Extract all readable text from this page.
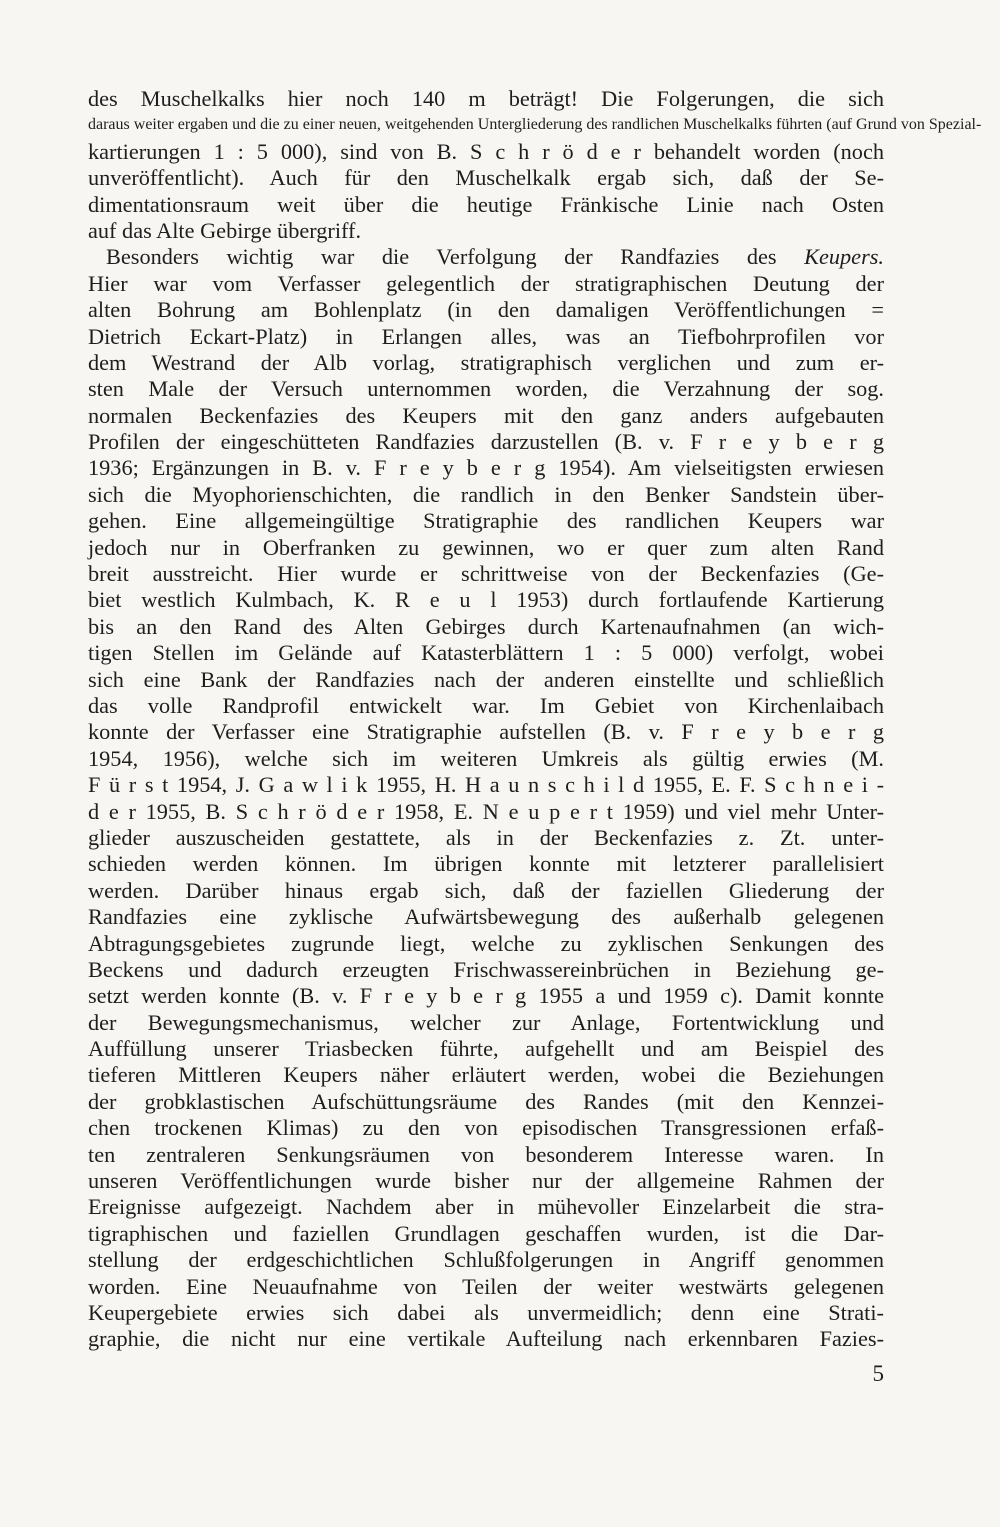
des Muschelkalks hier noch 140 m beträgt! Die Folgerungen, die sich
daraus weiter ergaben und die zu einer neuen, weitgehenden Untergliederung des randlichen Muschelkalks führten (auf Grund von Spezial-
kartierungen 1 : 5 000), sind von B. S c h r ö d e r behandelt worden (noch
unveröffentlicht). Auch für den Muschelkalk ergab sich, daß der Se-
dimentationsraum weit über die heutige Fränkische Linie nach Osten
auf das Alte Gebirge übergriff.
Besonders wichtig war die Verfolgung der Randfazies des Keupers.
Hier war vom Verfasser gelegentlich der stratigraphischen Deutung der
alten Bohrung am Bohlenplatz (in den damaligen Veröffentlichungen =
Dietrich Eckart-Platz) in Erlangen alles, was an Tiefbohrprofilen vor
dem Westrand der Alb vorlag, stratigraphisch verglichen und zum er-
sten Male der Versuch unternommen worden, die Verzahnung der sog.
normalen Beckenfazies des Keupers mit den ganz anders aufgebauten
Profilen der eingeschütteten Randfazies darzustellen (B. v. F r e y b e r g
1936; Ergänzungen in B. v. F r e y b e r g 1954). Am vielseitigsten erwiesen
sich die Myophorienschichten, die randlich in den Benker Sandstein über-
gehen. Eine allgemeingültige Stratigraphie des randlichen Keupers war
jedoch nur in Oberfranken zu gewinnen, wo er quer zum alten Rand
breit ausstreicht. Hier wurde er schrittweise von der Beckenfazies (Ge-
biet westlich Kulmbach, K. R e u l 1953) durch fortlaufende Kartierung
bis an den Rand des Alten Gebirges durch Kartenaufnahmen (an wich-
tigen Stellen im Gelände auf Katasterblättern 1 : 5 000) verfolgt, wobei
sich eine Bank der Randfazies nach der anderen einstellte und schließlich
das volle Randprofil entwickelt war. Im Gebiet von Kirchenlaibach
konnte der Verfasser eine Stratigraphie aufstellen (B. v. F r e y b e r g
1954, 1956), welche sich im weiteren Umkreis als gültig erwies (M.
F ü r s t 1954, J. G a w l i k 1955, H. H a u n s c h i l d 1955, E. F. S c h n e i -
d e r 1955, B. S c h r ö d e r 1958, E. N e u p e r t 1959) und viel mehr Unter-
glieder auszuscheiden gestattete, als in der Beckenfazies z. Zt. unter-
schieden werden können. Im übrigen konnte mit letzterer parallelisiert
werden. Darüber hinaus ergab sich, daß der faziellen Gliederung der
Randfazies eine zyklische Aufwärtsbewegung des außerhalb gelegenen
Abtragungsgebietes zugrunde liegt, welche zu zyklischen Senkungen des
Beckens und dadurch erzeugten Frischwassereinbrüchen in Beziehung ge-
setzt werden konnte (B. v. F r e y b e r g 1955 a und 1959 c). Damit konnte
der Bewegungsmechanismus, welcher zur Anlage, Fortentwicklung und
Auffüllung unserer Triasbecken führte, aufgehellt und am Beispiel des
tieferen Mittleren Keupers näher erläutert werden, wobei die Beziehungen
der grobklastischen Aufschüttungsräume des Randes (mit den Kennzei-
chen trockenen Klimas) zu den von episodischen Transgressionen erfaß-
ten zentraleren Senkungsräumen von besonderem Interesse waren. In
unseren Veröffentlichungen wurde bisher nur der allgemeine Rahmen der
Ereignisse aufgezeigt. Nachdem aber in mühevoller Einzelarbeit die stra-
tigraphischen und faziellen Grundlagen geschaffen wurden, ist die Dar-
stellung der erdgeschichtlichen Schlußfolgerungen in Angriff genommen
worden. Eine Neuaufnahme von Teilen der weiter westwärts gelegenen
Keupergebiete erwies sich dabei als unvermeidlich; denn eine Strati-
graphie, die nicht nur eine vertikale Aufteilung nach erkennbaren Fazies-
5
